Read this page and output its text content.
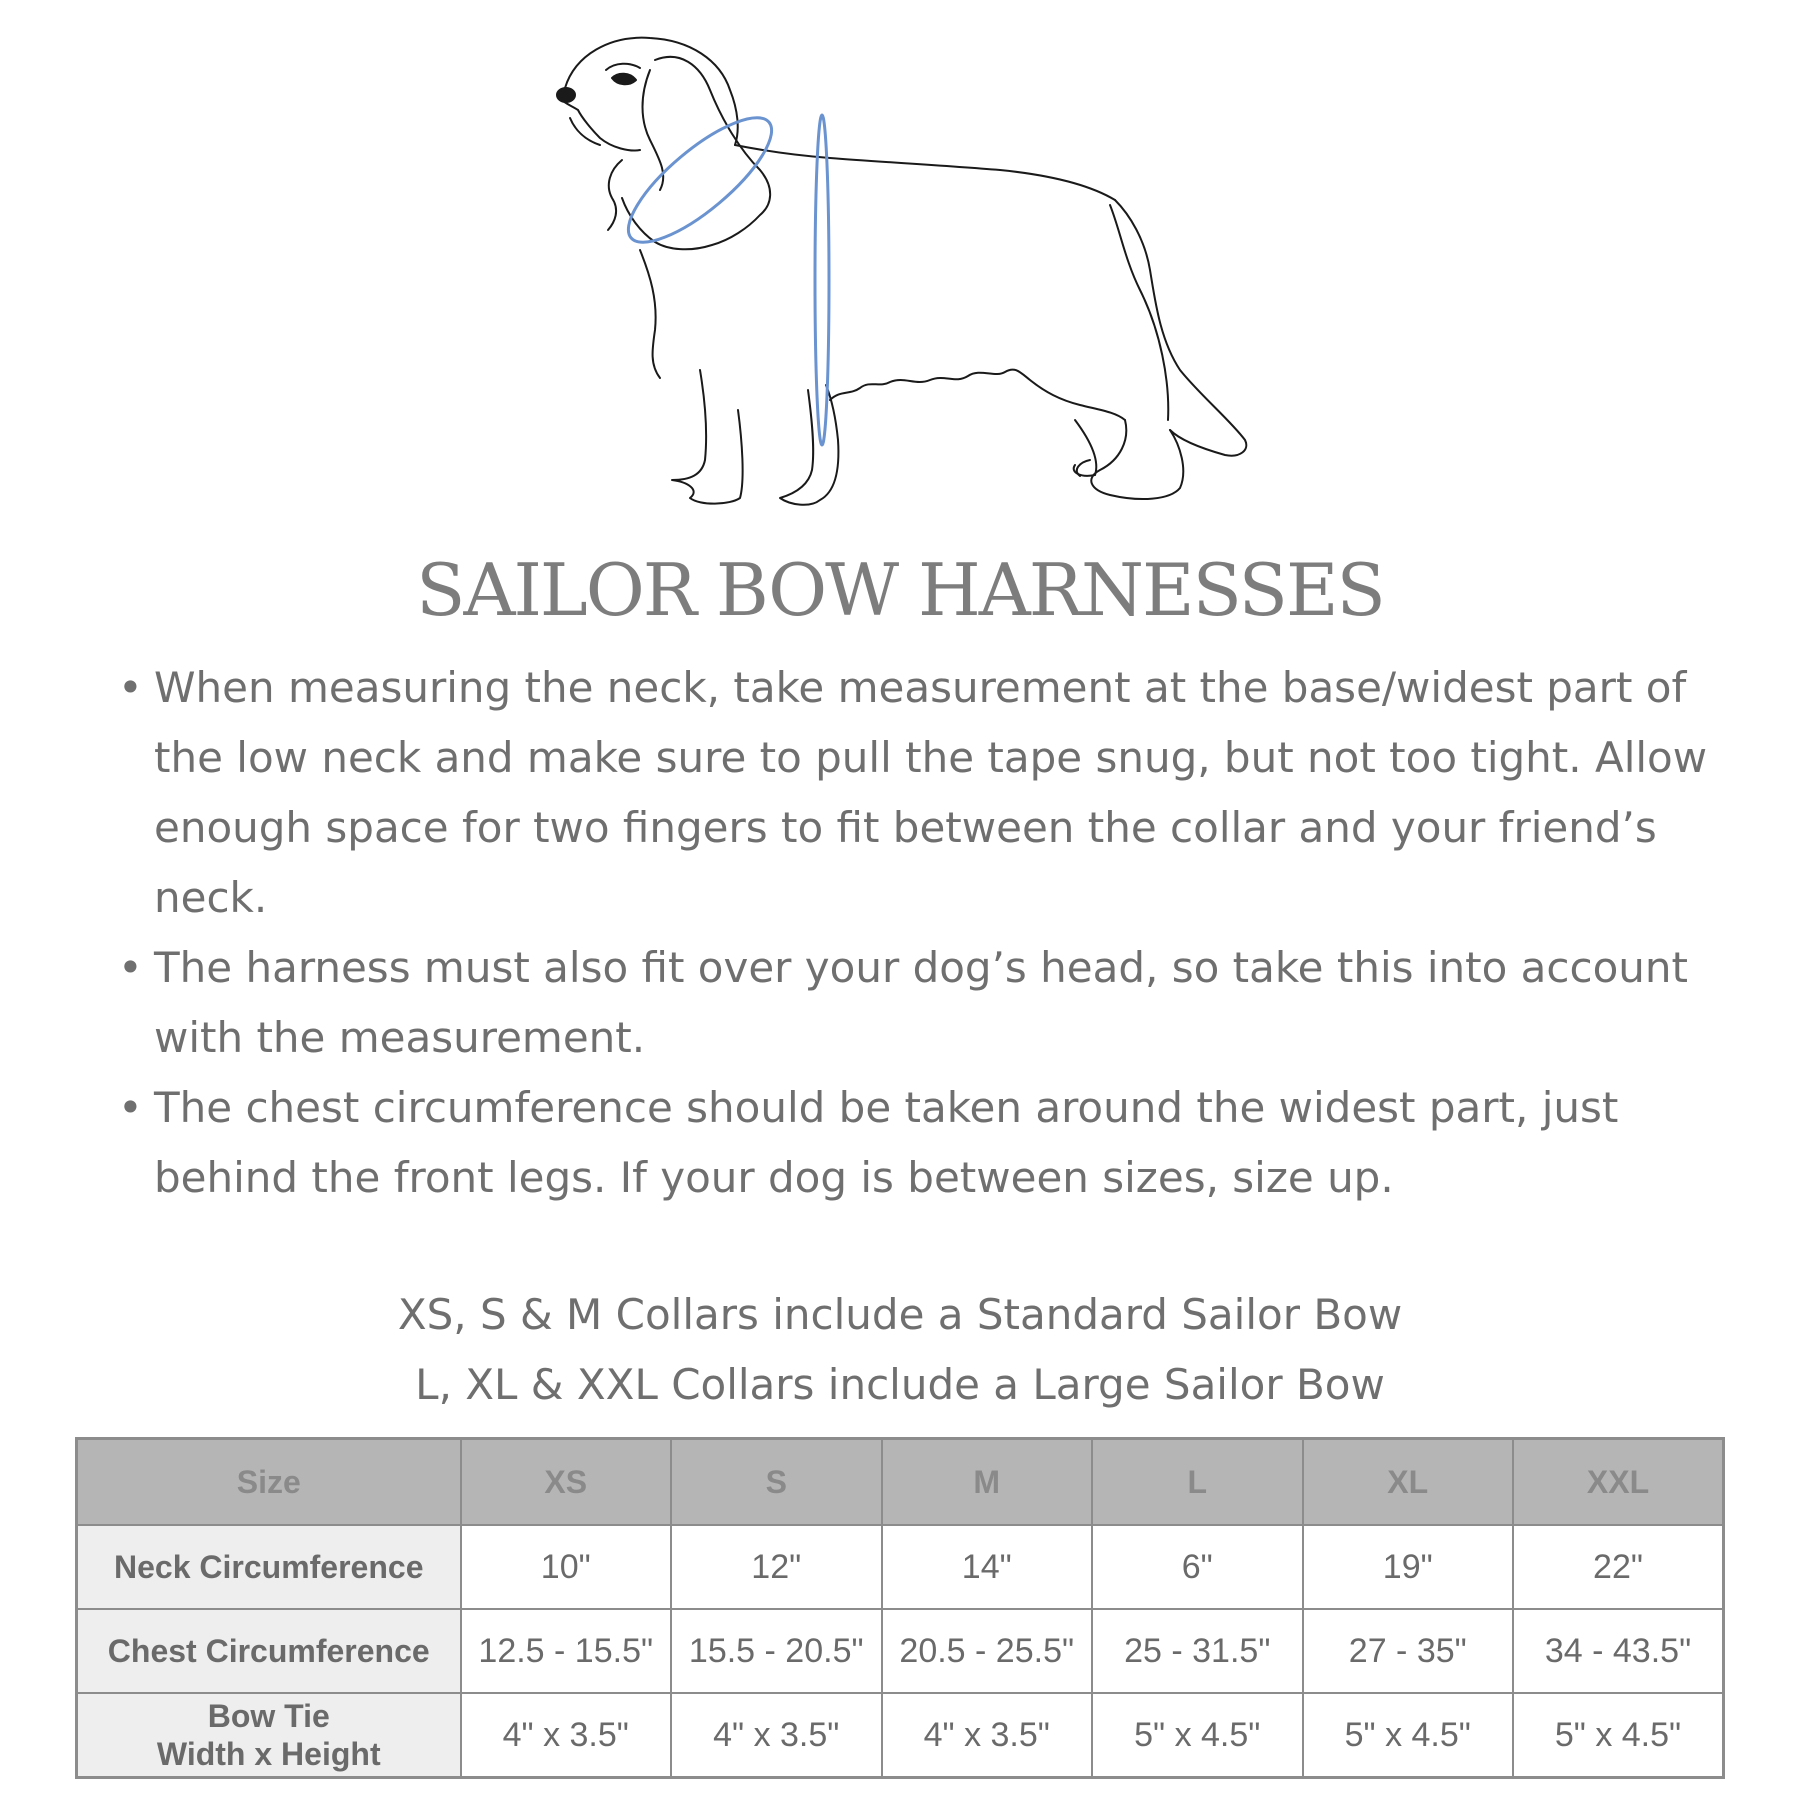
SAILOR BOW HARNESSES
• When measuring the neck, take measurement at the base/widest part of the low neck and make sure to pull the tape snug, but not too tight. Allow enough space for two fingers to fit between the collar and your friend’s neck.
• The harness must also fit over your dog’s head, so take this into account with the measurement.
• The chest circumference should be taken around the widest part, just behind the front legs. If your dog is between sizes, size up.
XS, S & M Collars include a Standard Sailor Bow
L, XL & XXL Collars include a Large Sailor Bow
Size	XS	S	M	L	XL	XXL
Neck Circumference	10"	12"	14"	6"	19"	22"
Chest Circumference	12.5 - 15.5"	15.5 - 20.5"	20.5 - 25.5"	25 - 31.5"	27 - 35"	34 - 43.5"

Bow Tie
Width x Height	4" x 3.5"	4" x 3.5"	4" x 3.5"	5" x 4.5"	5" x 4.5"	5" x 4.5"
